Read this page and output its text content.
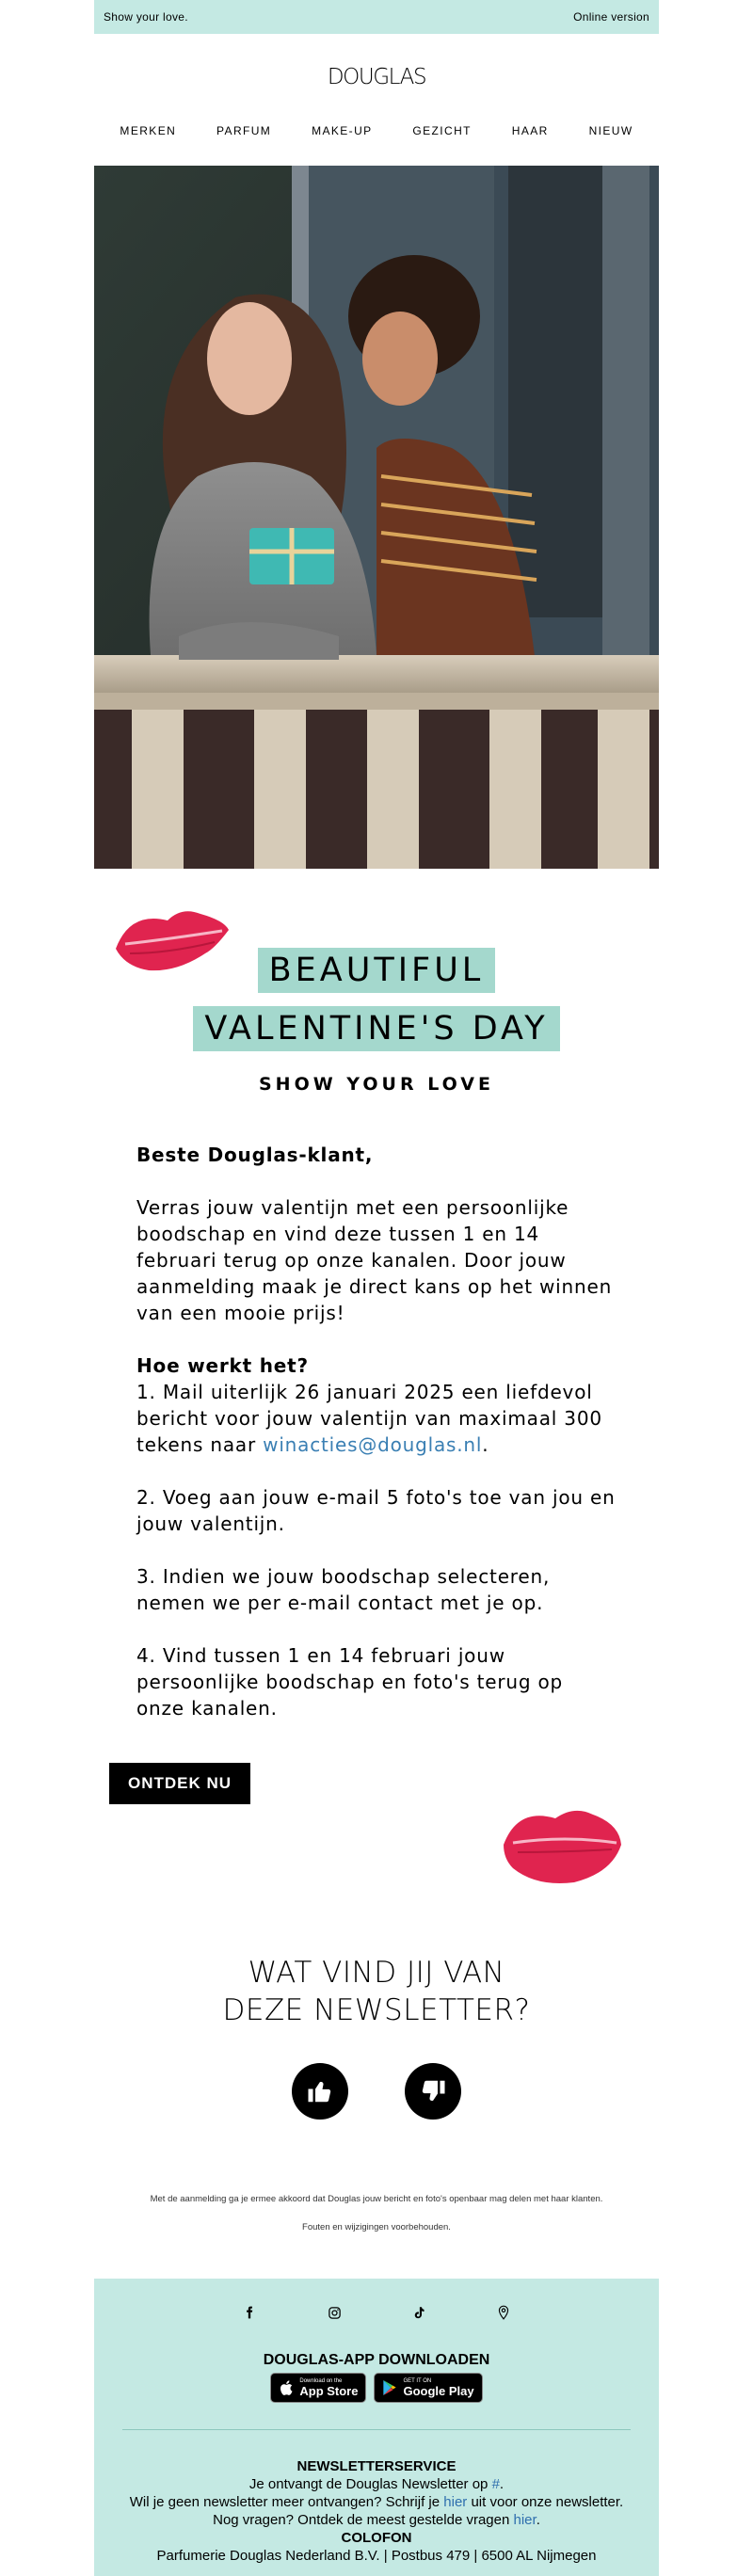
Show your love.	Online version
DOUGLAS
MERKEN	PARFUM	MAKE-UP	GEZICHT	HAAR	NIEUW
BEAUTIFUL
VALENTINE'S DAY
SHOW YOUR LOVE

Beste Douglas-klant,

Verras jouw valentijn met een persoonlijke boodschap en vind deze tussen 1 en 14 februari terug op onze kanalen. Door jouw aanmelding maak je direct kans op het winnen van een mooie prijs!

Hoe werkt het?
1. Mail uiterlijk 26 januari 2025 een liefdevol bericht voor jouw valentijn van maximaal 300 tekens naar winacties@douglas.nl.

2. Voeg aan jouw e-mail 5 foto's toe van jou en jouw valentijn.

3. Indien we jouw boodschap selecteren, nemen we per e-mail contact met je op.

4. Vind tussen 1 en 14 februari jouw persoonlijke boodschap en foto's terug op onze kanalen.

ONTDEK NU
WAT VIND JIJ VAN
DEZE NEWSLETTER?
Met de aanmelding ga je ermee akkoord dat Douglas jouw bericht en foto's openbaar mag delen met haar klanten.
Fouten en wijzigingen voorbehouden.
DOUGLAS-APP DOWNLOADEN
Download on the
App Store
GET IT ON
Google Play
NEWSLETTERSERVICE
Je ontvangt de Douglas Newsletter op #.
Wil je geen newsletter meer ontvangen? Schrijf je hier uit voor onze newsletter.
Nog vragen? Ontdek de meest gestelde vragen hier.
COLOFON
Parfumerie Douglas Nederland B.V. | Postbus 479 | 6500 AL Nijmegen
